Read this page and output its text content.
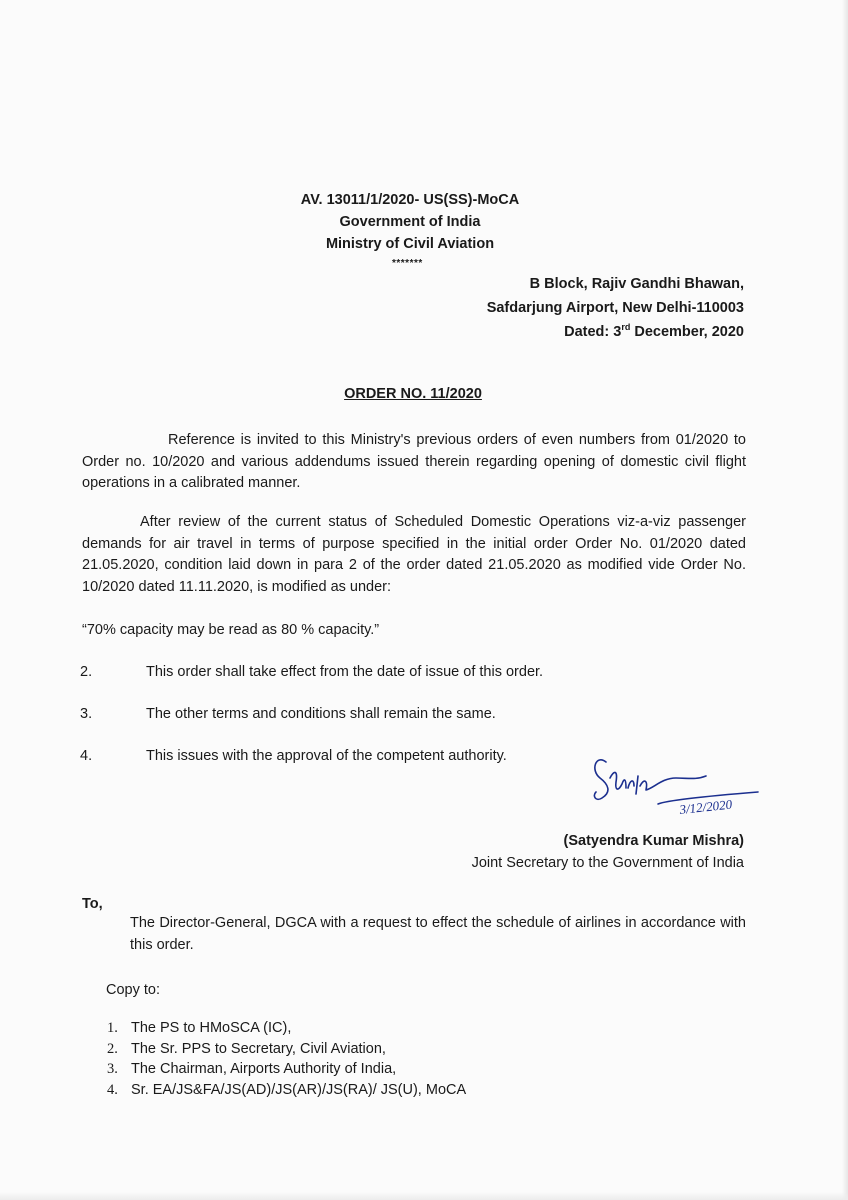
AV. 13011/1/2020- US(SS)-MoCA
Government of India
Ministry of Civil Aviation
*******
B Block, Rajiv Gandhi Bhawan,
Safdarjung Airport, New Delhi-110003
Dated: 3rd December, 2020
ORDER NO. 11/2020

Reference is invited to this Ministry's previous orders of even numbers from 01/2020 to Order no. 10/2020 and various addendums issued therein regarding opening of domestic civil flight operations in a calibrated manner.

After review of the current status of Scheduled Domestic Operations viz-a-viz passenger demands for air travel in terms of purpose specified in the initial order Order No. 01/2020 dated 21.05.2020, condition laid down in para 2 of the order dated 21.05.2020 as modified vide Order No. 10/2020 dated 11.11.2020, is modified as under:

“70% capacity may be read as 80 % capacity.”

2.	This order shall take effect from the date of issue of this order.
3.	The other terms and conditions shall remain the same.
4.	This issues with the approval of the competent authority.
3/12/2020
(Satyendra Kumar Mishra)
Joint Secretary to the Government of India
To,

The Director-General, DGCA with a request to effect the schedule of airlines in accordance with this order.

Copy to:
1. The PS to HMoSCA (IC),
2. The Sr. PPS to Secretary, Civil Aviation,
3. The Chairman, Airports Authority of India,
4. Sr. EA/JS&FA/JS(AD)/JS(AR)/JS(RA)/ JS(U), MoCA
